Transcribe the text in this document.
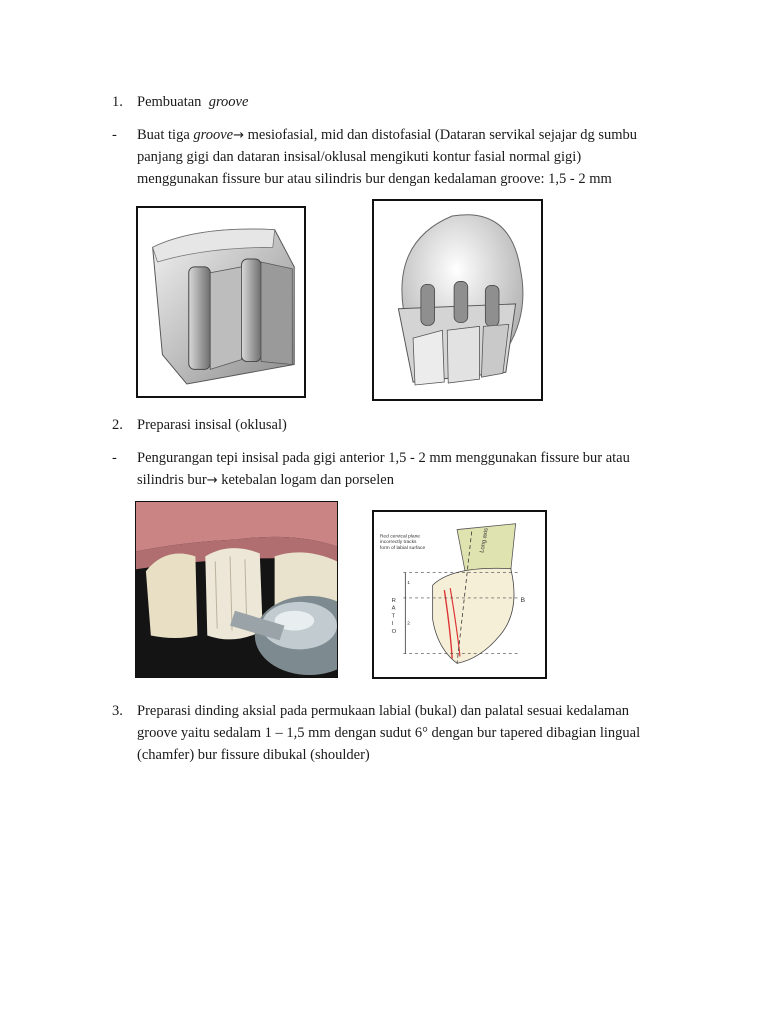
1. Pembuatan groove
- Buat tiga groove→ mesiofasial, mid dan distofasial (Dataran servikal sejajar dg sumbu
panjang gigi dan dataran insisal/oklusal mengikuti kontur fasial normal gigi)
menggunakan fissure bur atau silindris bur dengan kedalaman groove: 1,5 - 2 mm
2. Preparasi insisal (oklusal)
- Pengurangan tepi insisal pada gigi anterior 1,5 - 2 mm menggunakan fissure bur atau
silindris bur→ ketebalan logam dan porselen
Red cervical plane incorrectly tracks form of labial surface	Long axis
R A T I O
1
2
B
3. Preparasi dinding aksial pada permukaan labial (bukal) dan palatal sesuai kedalaman
groove yaitu sedalam 1 – 1,5 mm dengan sudut 6° dengan bur tapered dibagian lingual
(chamfer) bur fissure dibukal (shoulder)
